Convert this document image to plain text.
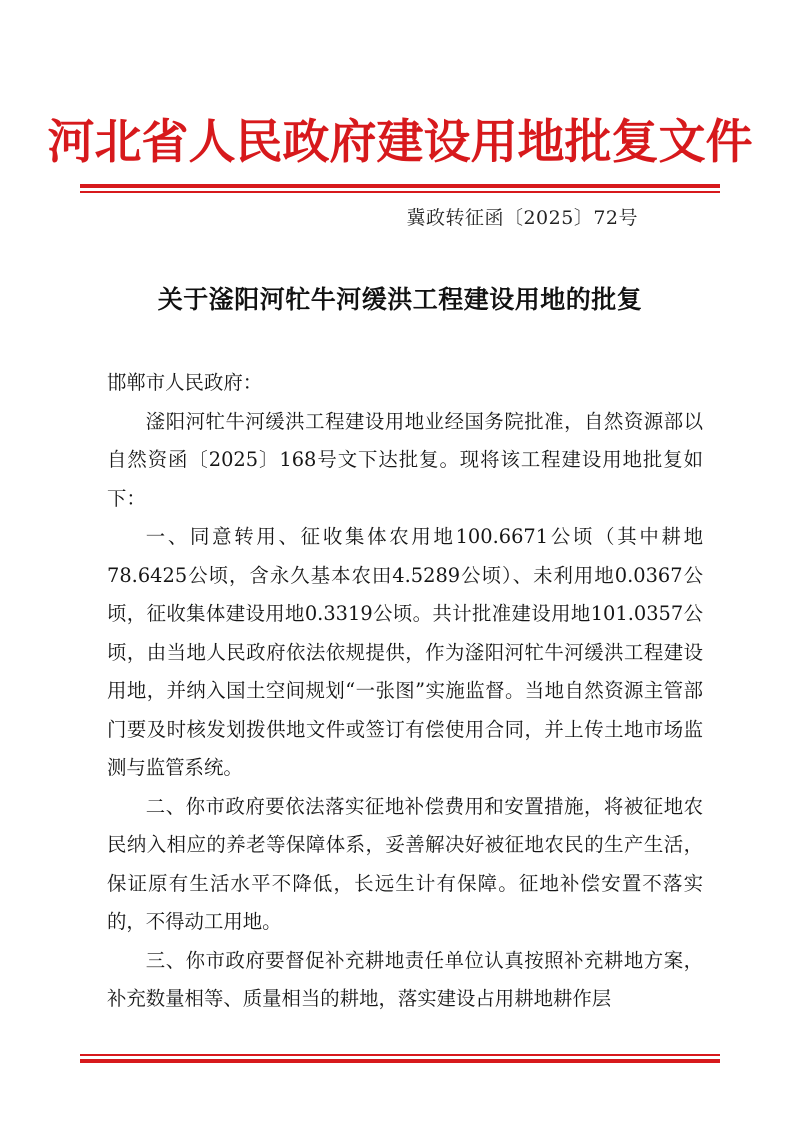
河北省人民政府建设用地批复文件
冀政转征函〔2025〕72号
关于滏阳河牤牛河缓洪工程建设用地的批复

邯郸市人民政府：

滏阳河牤牛河缓洪工程建设用地业经国务院批准，自然资源部以自然资函〔2025〕168号文下达批复。现将该工程建设用地批复如下：

一、同意转用、征收集体农用地100.6671公顷（其中耕地78.6425公顷，含永久基本农田4.5289公顷）、未利用地0.0367公顷，征收集体建设用地0.3319公顷。共计批准建设用地101.0357公顷，由当地人民政府依法依规提供，作为滏阳河牤牛河缓洪工程建设用地，并纳入国土空间规划“一张图”实施监督。当地自然资源主管部门要及时核发划拨供地文件或签订有偿使用合同，并上传土地市场监测与监管系统。

二、你市政府要依法落实征地补偿费用和安置措施，将被征地农民纳入相应的养老等保障体系，妥善解决好被征地农民的生产生活，保证原有生活水平不降低，长远生计有保障。征地补偿安置不落实的，不得动工用地。

三、你市政府要督促补充耕地责任单位认真按照补充耕地方案，补充数量相等、质量相当的耕地，落实建设占用耕地耕作层
